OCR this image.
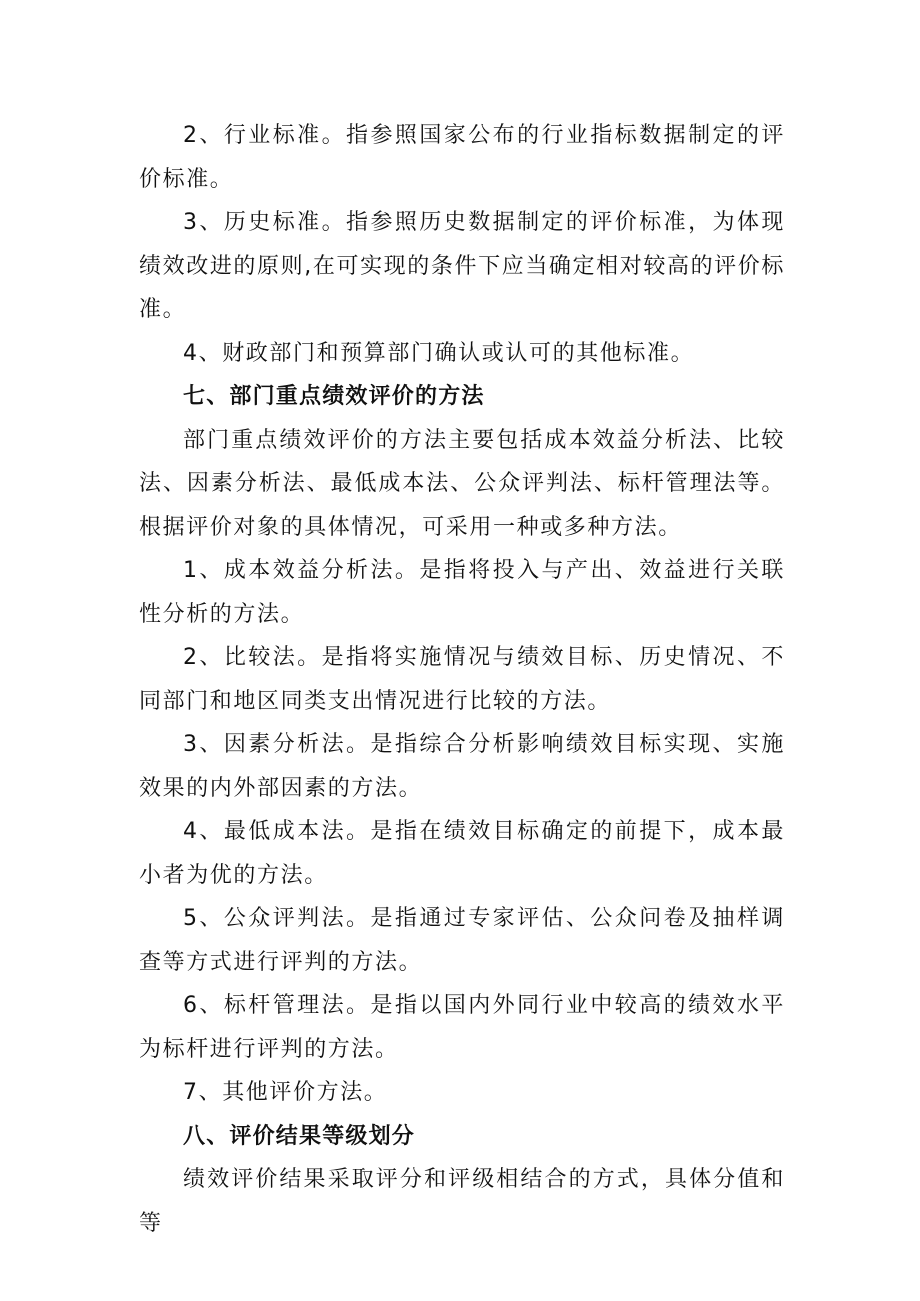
2、行业标准。指参照国家公布的行业指标数据制定的评价标准。

3、历史标准。指参照历史数据制定的评价标准，为体现绩效改进的原则,在可实现的条件下应当确定相对较高的评价标准。

4、财政部门和预算部门确认或认可的其他标准。

七、部门重点绩效评价的方法

部门重点绩效评价的方法主要包括成本效益分析法、比较法、因素分析法、最低成本法、公众评判法、标杆管理法等。根据评价对象的具体情况，可采用一种或多种方法。

1、成本效益分析法。是指将投入与产出、效益进行关联性分析的方法。

2、比较法。是指将实施情况与绩效目标、历史情况、不同部门和地区同类支出情况进行比较的方法。

3、因素分析法。是指综合分析影响绩效目标实现、实施效果的内外部因素的方法。

4、最低成本法。是指在绩效目标确定的前提下，成本最小者为优的方法。

5、公众评判法。是指通过专家评估、公众问卷及抽样调查等方式进行评判的方法。

6、标杆管理法。是指以国内外同行业中较高的绩效水平为标杆进行评判的方法。

7、其他评价方法。

八、评价结果等级划分

绩效评价结果采取评分和评级相结合的方式，具体分值和等
